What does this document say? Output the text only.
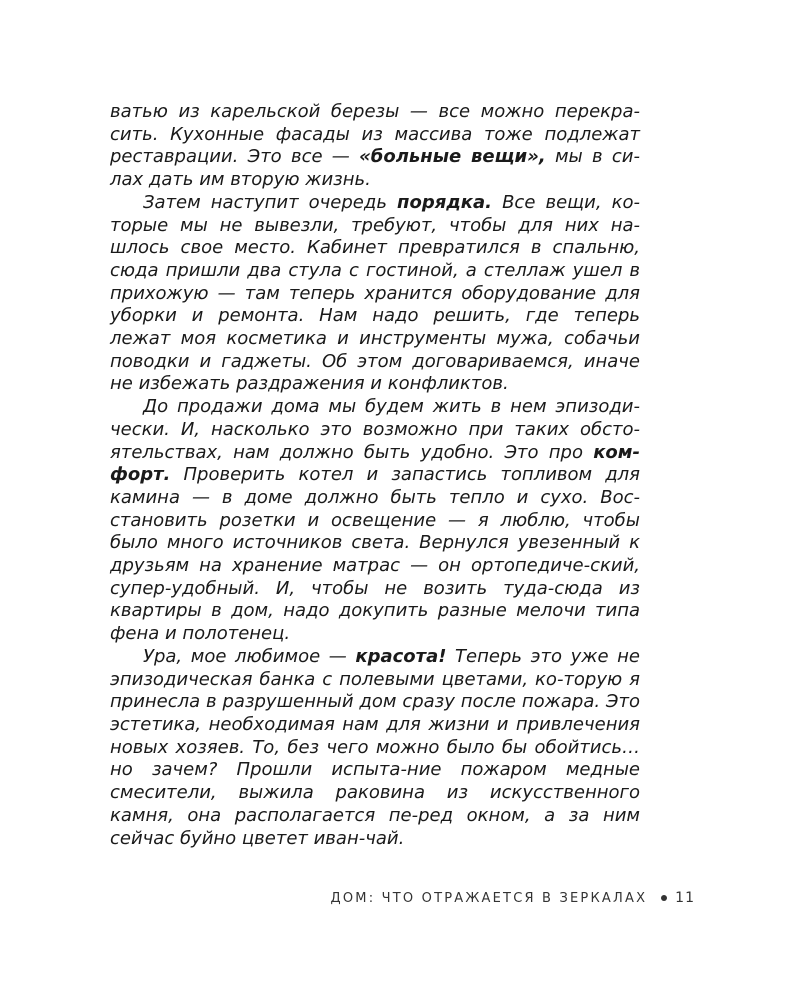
ватью из карельской березы — все можно перекра-сить. Кухонные фасады из массива тоже подлежат реставрации. Это все — «больные вещи», мы в си-лах дать им вторую жизнь.

Затем наступит очередь порядка. Все вещи, ко-торые мы не вывезли, требуют, чтобы для них на-шлось свое место. Кабинет превратился в спальню, сюда пришли два стула с гостиной, а стеллаж ушел в прихожую — там теперь хранится оборудование для уборки и ремонта. Нам надо решить, где теперь лежат моя косметика и инструменты мужа, собачьи поводки и гаджеты. Об этом договариваемся, иначе не избежать раздражения и конфликтов.

До продажи дома мы будем жить в нем эпизоди-чески. И, насколько это возможно при таких обсто-ятельствах, нам должно быть удобно. Это про ком-форт. Проверить котел и запастись топливом для камина — в доме должно быть тепло и сухо. Вос-становить розетки и освещение — я люблю, чтобы было много источников света. Вернулся увезенный к друзьям на хранение матрас — он ортопедиче-ский, супер-удобный. И, чтобы не возить туда-сюда из квартиры в дом, надо докупить разные мелочи типа фена и полотенец.

Ура, мое любимое — красота! Теперь это уже не эпизодическая банка с полевыми цветами, ко-торую я принесла в разрушенный дом сразу после пожара. Это эстетика, необходимая нам для жизни и привлечения новых хозяев. То, без чего можно было бы обойтись… но зачем? Прошли испыта-ние пожаром медные смесители, выжила раковина из искусственного камня, она располагается пе-ред окном, а за ним сейчас буйно цветет иван-чай.

ДОМ: ЧТО ОТРАЖАЕТСЯ В ЗЕРКАЛАХ 11
